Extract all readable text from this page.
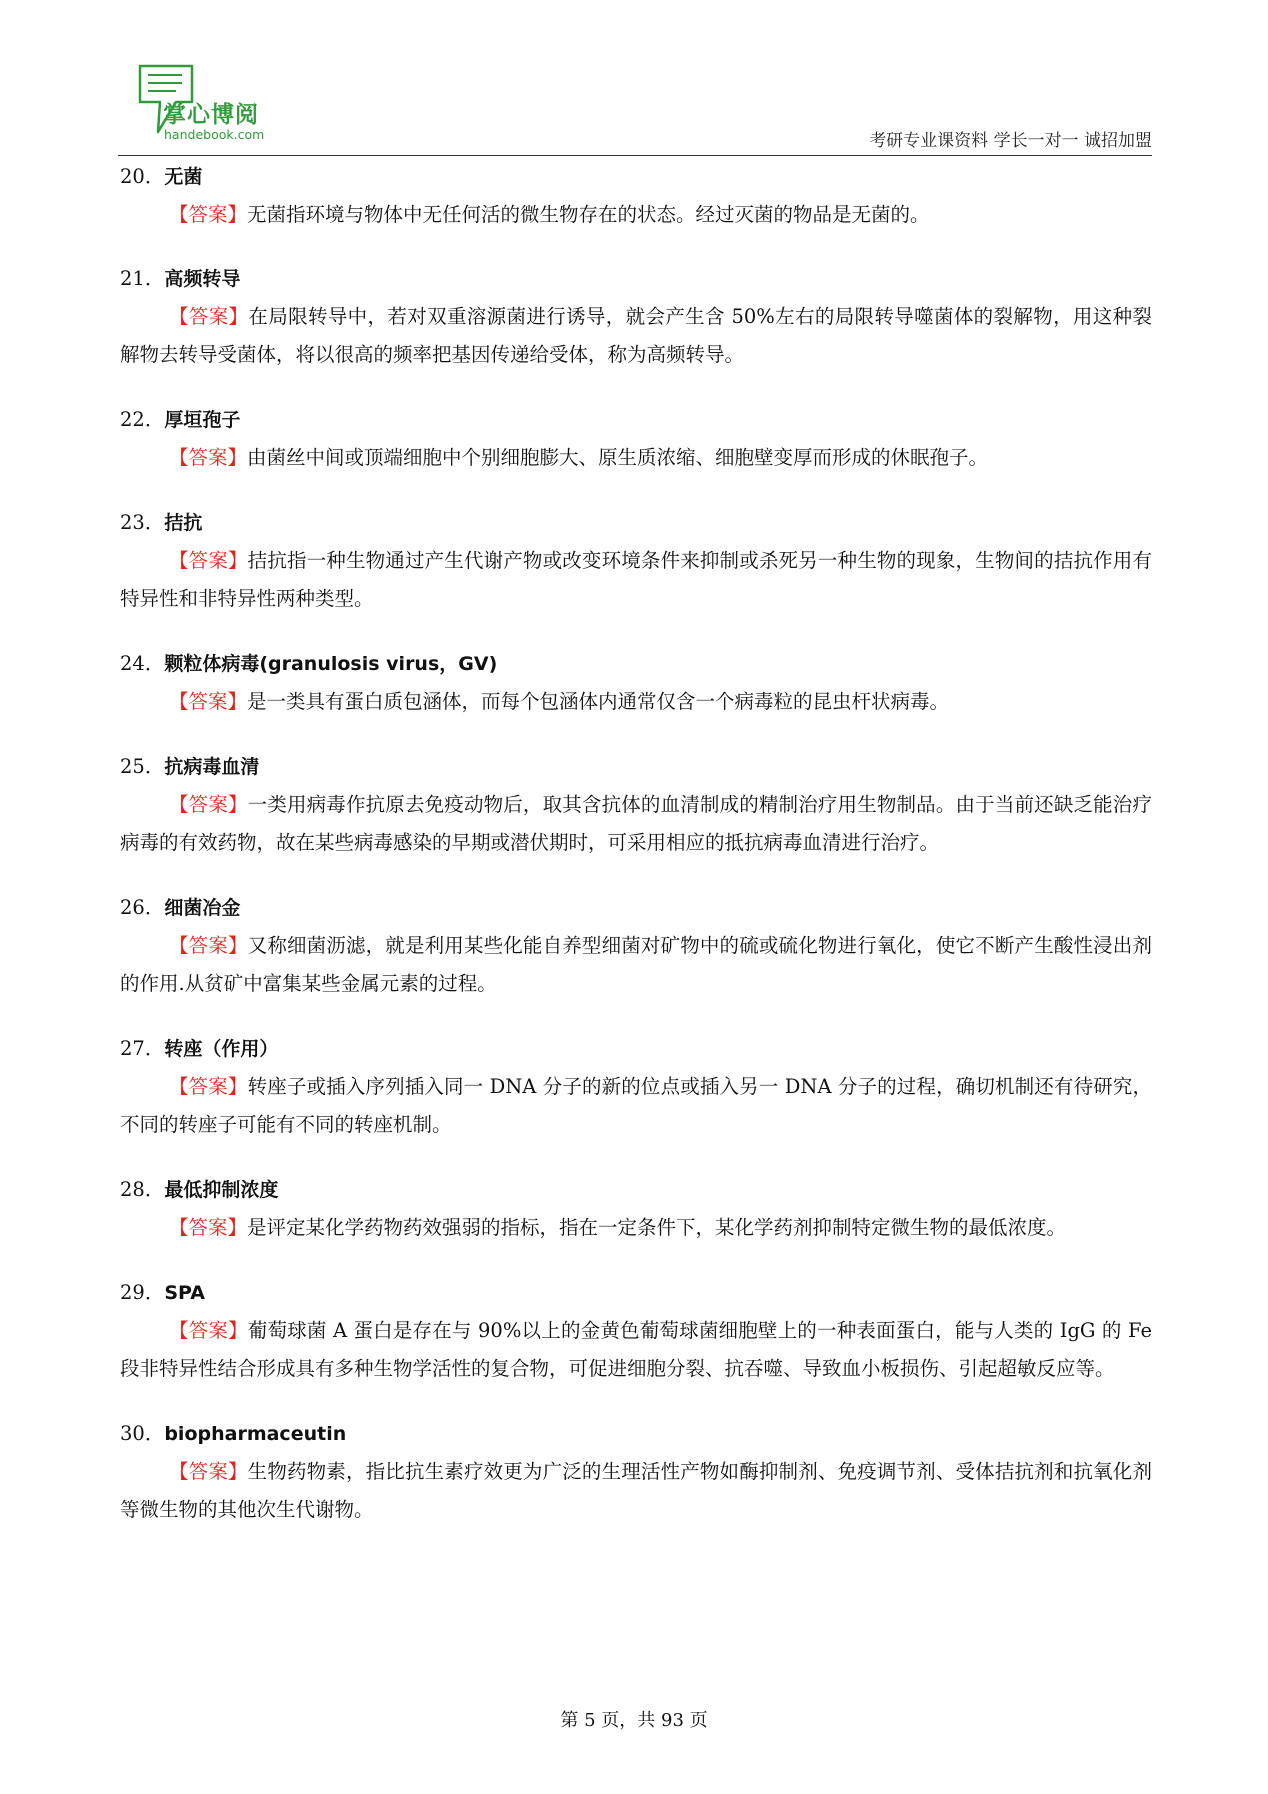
掌心博阅
handebook.com	考研专业课资料 学长一对一 诚招加盟
20．无菌

【答案】无菌指环境与物体中无任何活的微生物存在的状态。经过灭菌的物品是无菌的。

21．高频转导

【答案】在局限转导中，若对双重溶源菌进行诱导，就会产生含 50%左右的局限转导噬菌体的裂解物，用这种裂解物去转导受菌体，将以很高的频率把基因传递给受体，称为高频转导。

22．厚垣孢子

【答案】由菌丝中间或顶端细胞中个别细胞膨大、原生质浓缩、细胞壁变厚而形成的休眠孢子。

23．拮抗

【答案】拮抗指一种生物通过产生代谢产物或改变环境条件来抑制或杀死另一种生物的现象，生物间的拮抗作用有特异性和非特异性两种类型。

24．颗粒体病毒(granulosis virus，GV)

【答案】是一类具有蛋白质包涵体，而每个包涵体内通常仅含一个病毒粒的昆虫杆状病毒。

25．抗病毒血清

【答案】一类用病毒作抗原去免疫动物后，取其含抗体的血清制成的精制治疗用生物制品。由于当前还缺乏能治疗病毒的有效药物，故在某些病毒感染的早期或潜伏期时，可采用相应的抵抗病毒血清进行治疗。

26．细菌冶金

【答案】又称细菌沥滤，就是利用某些化能自养型细菌对矿物中的硫或硫化物进行氧化，使它不断产生酸性浸出剂的作用.从贫矿中富集某些金属元素的过程。

27．转座（作用）

【答案】转座子或插入序列插入同一 DNA 分子的新的位点或插入另一 DNA 分子的过程，确切机制还有待研究，不同的转座子可能有不同的转座机制。

28．最低抑制浓度

【答案】是评定某化学药物药效强弱的指标，指在一定条件下，某化学药剂抑制特定微生物的最低浓度。

29．SPA

【答案】葡萄球菌 A 蛋白是存在与 90%以上的金黄色葡萄球菌细胞壁上的一种表面蛋白，能与人类的 IgG 的 Fe 段非特异性结合形成具有多种生物学活性的复合物，可促进细胞分裂、抗吞噬、导致血小板损伤、引起超敏反应等。

30．biopharmaceutin

【答案】生物药物素，指比抗生素疗效更为广泛的生理活性产物如酶抑制剂、免疫调节剂、受体拮抗剂和抗氧化剂等微生物的其他次生代谢物。

第 5 页，共 93 页
